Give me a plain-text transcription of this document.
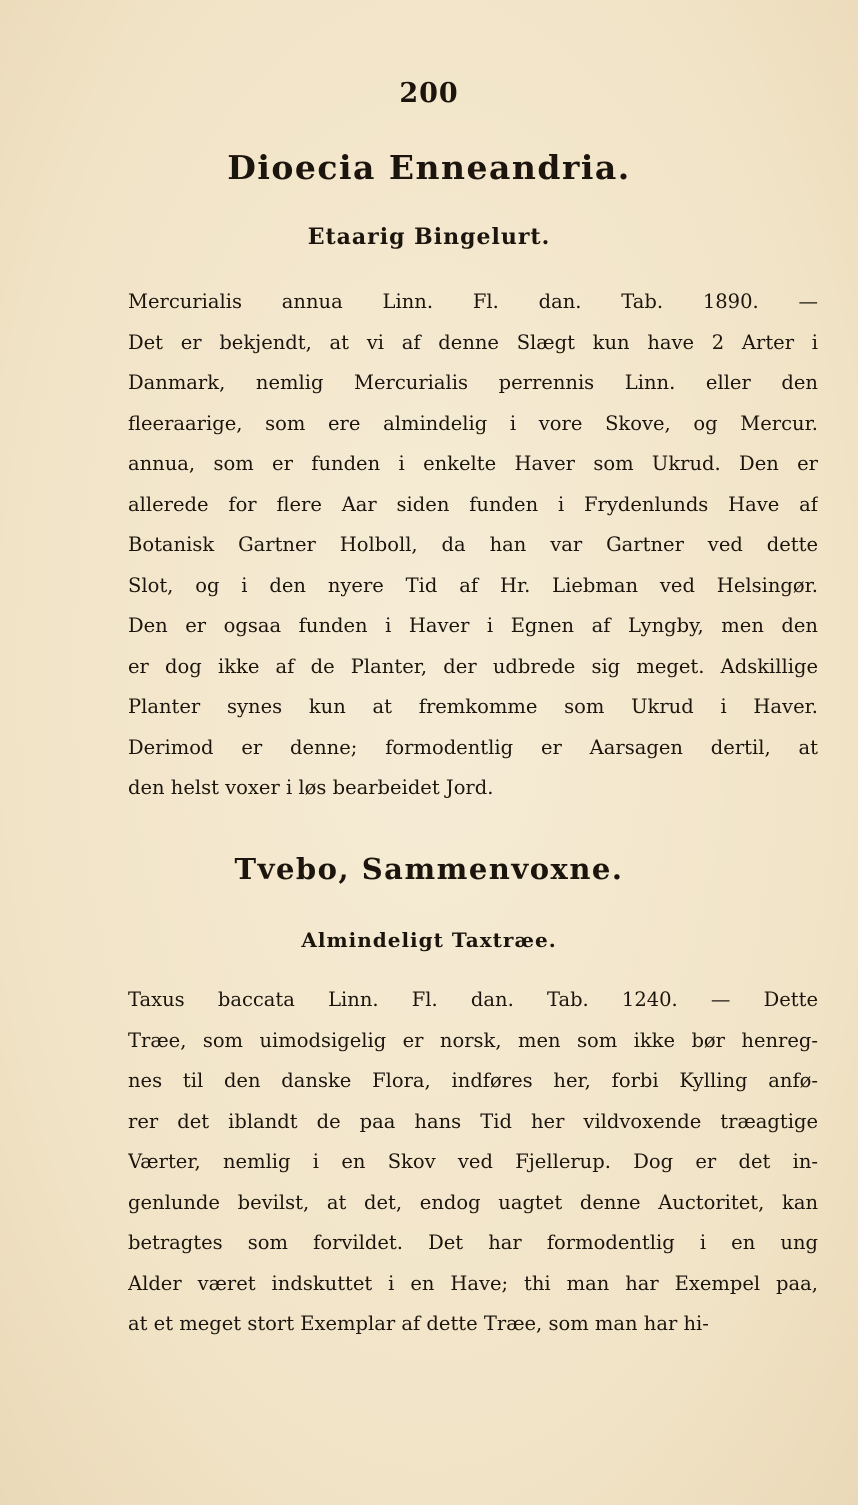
200
Dioecia Enneandria.
Etaarig Bingelurt.
Mercurialis annua Linn. Fl. dan. Tab. 1890. —
Det er bekjendt, at vi af denne Slægt kun have 2 Arter i
Danmark, nemlig Mercurialis perrennis Linn. eller den
fleeraarige, som ere almindelig i vore Skove, og Mercur.
annua, som er funden i enkelte Haver som Ukrud. Den er
allerede for flere Aar siden funden i Frydenlunds Have af
Botanisk Gartner Holboll, da han var Gartner ved dette
Slot, og i den nyere Tid af Hr. Liebman ved Helsingør.
Den er ogsaa funden i Haver i Egnen af Lyngby, men den
er dog ikke af de Planter, der udbrede sig meget. Adskillige
Planter synes kun at fremkomme som Ukrud i Haver.
Derimod er denne; formodentlig er Aarsagen dertil, at
den helst voxer i løs bearbeidet Jord.
Tvebo, Sammenvoxne.
Almindeligt Taxtræe.
Taxus baccata Linn. Fl. dan. Tab. 1240. — Dette
Træe, som uimodsigelig er norsk, men som ikke bør henreg-
nes til den danske Flora, indføres her, forbi Kylling anfø-
rer det iblandt de paa hans Tid her vildvoxende træagtige
Værter, nemlig i en Skov ved Fjellerup. Dog er det in-
genlunde bevilst, at det, endog uagtet denne Auctoritet, kan
betragtes som forvildet. Det har formodentlig i en ung
Alder været indskuttet i en Have; thi man har Exempel paa,
at et meget stort Exemplar af dette Træe, som man har hi-
